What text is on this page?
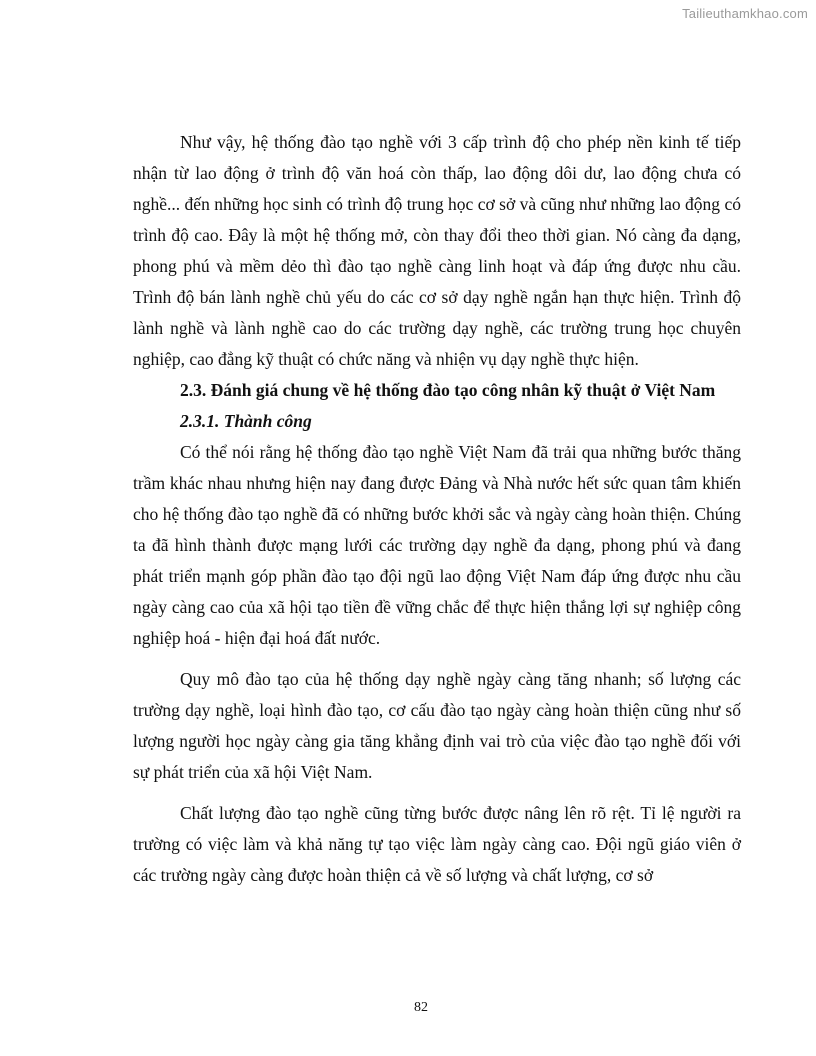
Tailieuthamkhao.com

Như vậy, hệ thống đào tạo nghề với 3 cấp trình độ cho phép nền kinh tế tiếp nhận từ lao động ở trình độ văn hoá còn thấp, lao động dôi dư, lao động chưa có nghề... đến những học sinh có trình độ trung học cơ sở và cũng như những lao động có trình độ cao. Đây là một hệ thống mở, còn thay đổi theo thời gian. Nó càng đa dạng, phong phú và mềm dẻo thì đào tạo nghề càng linh hoạt và đáp ứng được nhu cầu. Trình độ bán lành nghề chủ yếu do các cơ sở dạy nghề ngắn hạn thực hiện. Trình độ lành nghề và lành nghề cao do các trường dạy nghề, các trường trung học chuyên nghiệp, cao đẳng kỹ thuật có chức năng và nhiện vụ dạy nghề thực hiện.

2.3. Đánh giá chung về hệ thống đào tạo công nhân kỹ thuật ở Việt Nam

2.3.1. Thành công

Có thể nói rằng hệ thống đào tạo nghề Việt Nam đã trải qua những bước thăng trầm khác nhau nhưng hiện nay đang được Đảng và Nhà nước hết sức quan tâm khiến cho hệ thống đào tạo nghề đã có những bước khởi sắc và ngày càng hoàn thiện. Chúng ta đã hình thành được mạng lưới các trường dạy nghề đa dạng, phong phú và đang phát triển mạnh góp phần đào tạo đội ngũ lao động Việt Nam đáp ứng được nhu cầu ngày càng cao của xã hội tạo tiền đề vững chắc để thực hiện thắng lợi sự nghiệp công nghiệp hoá - hiện đại hoá đất nước.

Quy mô đào tạo của hệ thống dạy nghề ngày càng tăng nhanh; số lượng các trường dạy nghề, loại hình đào tạo, cơ cấu đào tạo ngày càng hoàn thiện cũng như số lượng người học ngày càng gia tăng khẳng định vai trò của việc đào tạo nghề đối với sự phát triển của xã hội Việt Nam.

Chất lượng đào tạo nghề cũng từng bước được nâng lên rõ rệt. Tỉ lệ người ra trường có việc làm và khả năng tự tạo việc làm ngày càng cao. Đội ngũ giáo viên ở các trường ngày càng được hoàn thiện cả về số lượng và chất lượng, cơ sở

82
